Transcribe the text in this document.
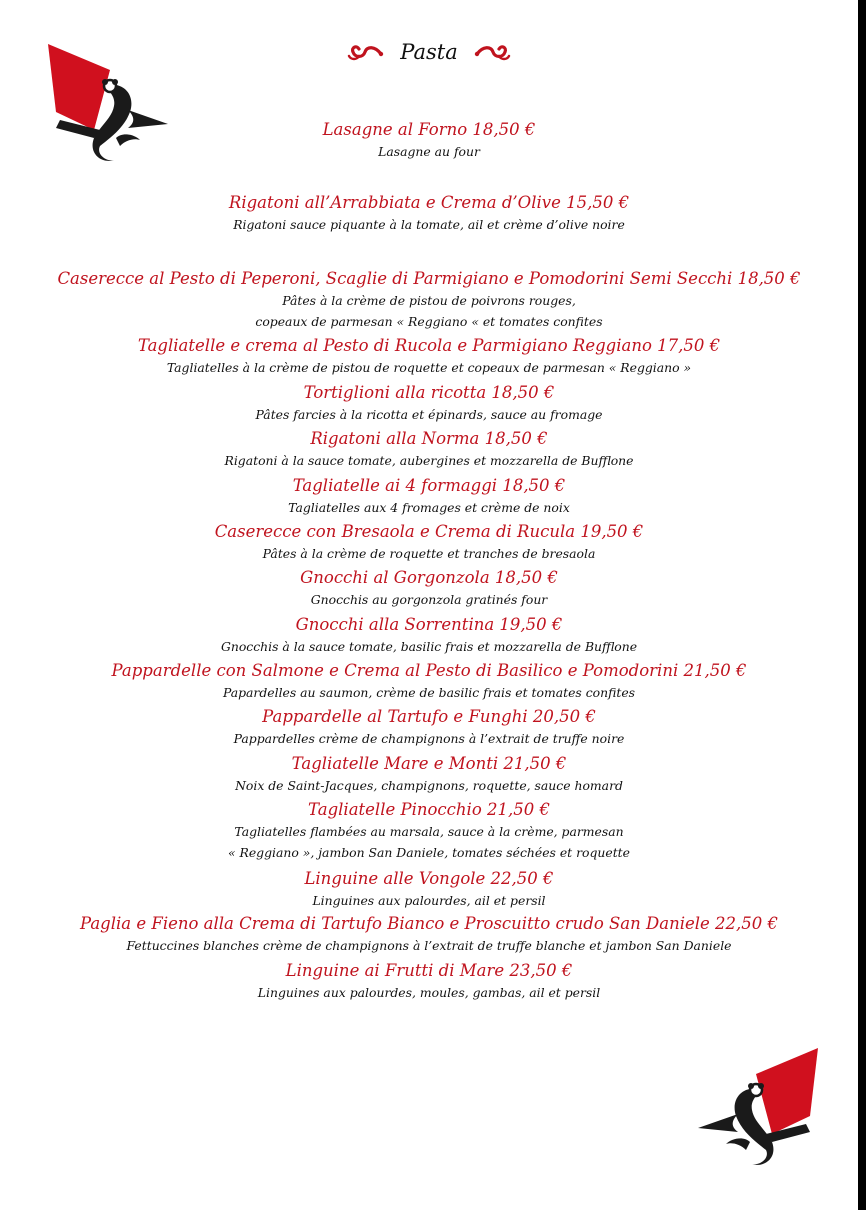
Pasta
Lasagne al Forno 18,50 €
Lasagne au four
Rigatoni all’Arrabbiata e Crema d’Olive 15,50 €
Rigatoni sauce piquante à la tomate, ail et crème d’olive noire
Caserecce al Pesto di Peperoni, Scaglie di Parmigiano e Pomodorini Semi Secchi 18,50 €
Pâtes à la crème de pistou de poivrons rouges,
copeaux de parmesan « Reggiano « et tomates confites
Tagliatelle e crema al Pesto di Rucola e Parmigiano Reggiano 17,50 €
Tagliatelles à la crème de pistou de roquette et copeaux de parmesan « Reggiano »
Tortiglioni alla ricotta 18,50 €
Pâtes farcies à la ricotta et épinards, sauce au fromage
Rigatoni alla Norma 18,50 €
Rigatoni à la sauce tomate, aubergines et mozzarella de Bufflone
Tagliatelle ai 4 formaggi 18,50 €
Tagliatelles aux 4 fromages et crème de noix
Caserecce con Bresaola e Crema di Rucula 19,50 €
Pâtes à la crème de roquette et tranches de bresaola
Gnocchi al Gorgonzola 18,50 €
Gnocchis au gorgonzola gratinés four
Gnocchi alla Sorrentina 19,50 €
Gnocchis à la sauce tomate, basilic frais et mozzarella de Bufflone
Pappardelle con Salmone e Crema al Pesto di Basilico e Pomodorini 21,50 €
Papardelles au saumon, crème de basilic frais et tomates confites
Pappardelle al Tartufo e Funghi 20,50 €
Pappardelles crème de champignons à l’extrait de truffe noire
Tagliatelle Mare e Monti 21,50 €
Noix de Saint-Jacques, champignons, roquette, sauce homard
Tagliatelle Pinocchio 21,50 €
Tagliatelles flambées au marsala, sauce à la crème, parmesan
« Reggiano », jambon San Daniele, tomates séchées et roquette
Linguine alle Vongole 22,50 €
Linguines aux palourdes, ail et persil
Paglia e Fieno alla Crema di Tartufo Bianco e Proscuitto crudo San Daniele 22,50 €
Fettuccines blanches crème de champignons à l’extrait de truffe blanche et jambon San Daniele
Linguine ai Frutti di Mare 23,50 €
Linguines aux palourdes, moules, gambas, ail et persil
